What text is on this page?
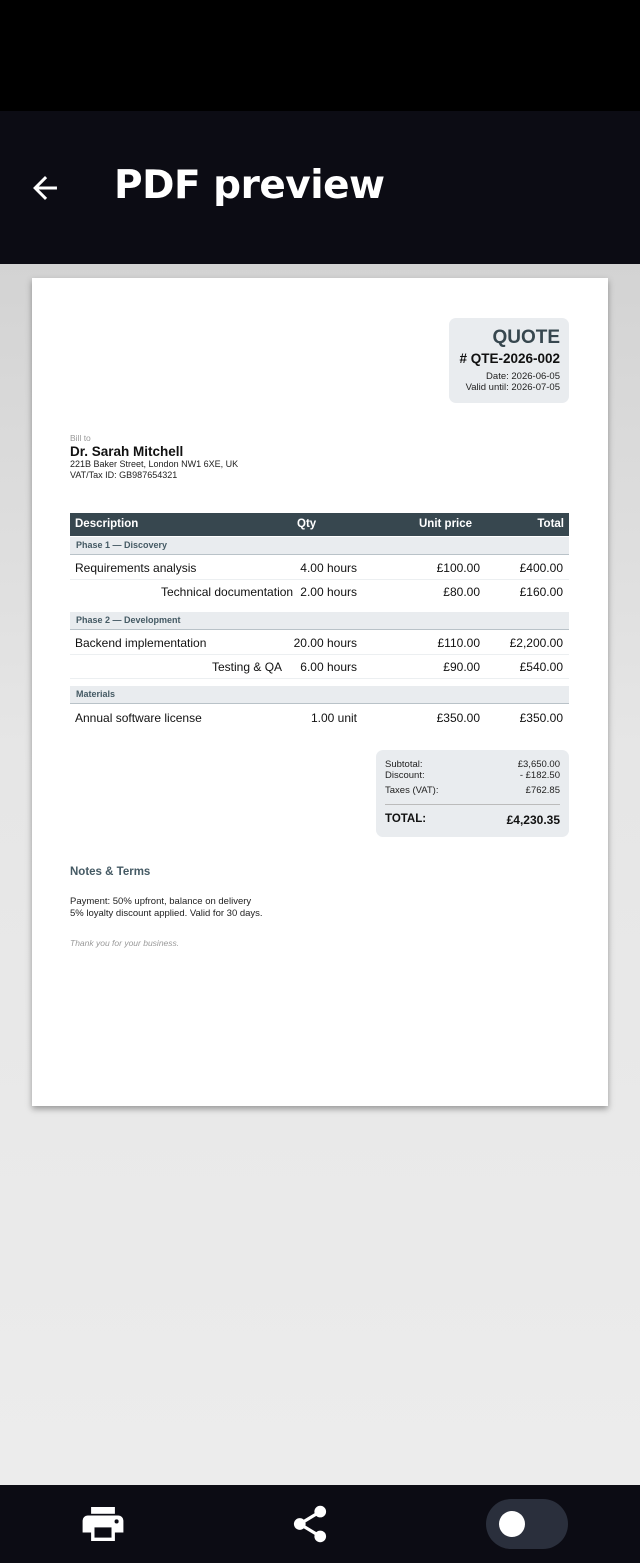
PDF preview
QUOTE
# QTE-2026-002
Date: 2026-06-05
Valid until: 2026-07-05
Bill to
Dr. Sarah Mitchell
221B Baker Street, London NW1 6XE, UK
VAT/Tax ID: GB987654321
Description	Qty	Unit price	Total
Phase 1 — Discovery
Requirements analysis	4.00 hours	£100.00	£400.00
Technical documentation 2.00 hours	£80.00	£160.00
Phase 2 — Development
Backend implementation	20.00 hours	£110.00 £2,200.00
Testing & QA 6.00 hours	£90.00	£540.00
Materials
Annual software license	1.00 unit	£350.00	£350.00
Subtotal:	£3,650.00
Discount:	- £182.50
Taxes (VAT):	£762.85
TOTAL:	£4,230.35
Notes & Terms
Payment: 50% upfront, balance on delivery
5% loyalty discount applied. Valid for 30 days.
Thank you for your business.
